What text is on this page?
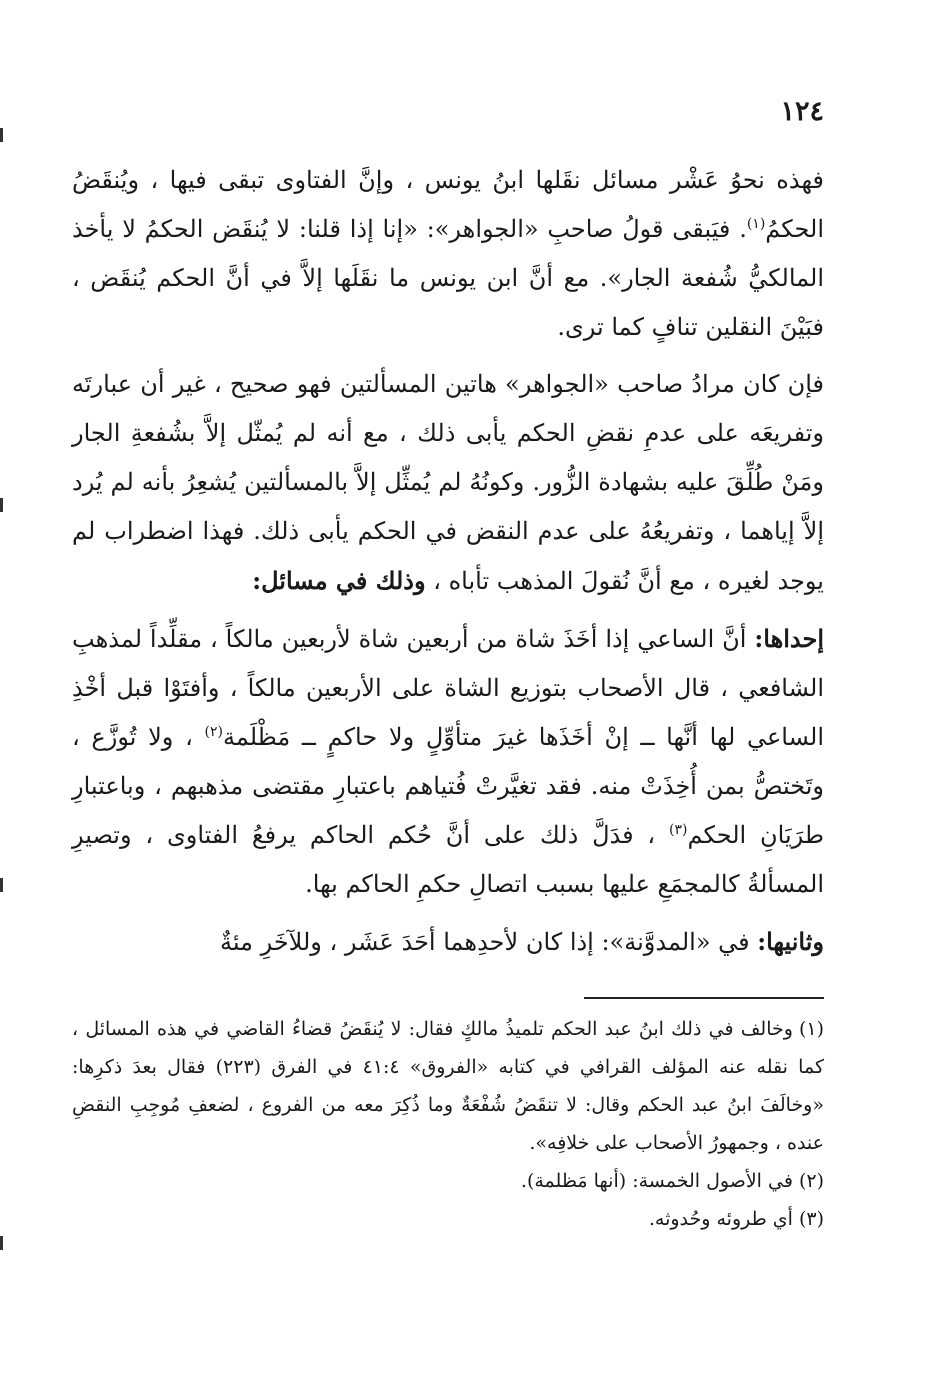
١٢٤

فهذه نحوُ عَشْر مسائل نقَلها ابنُ يونس ، وإنَّ الفتاوى تبقى فيها ، ويُنقَضُ الحكمُ$^{(١)}$. فيَبقى قولُ صاحبِ «الجواهر»: «إنا إذا قلنا: لا يُنقَض الحكمُ لا يأخذ المالكيُّ شُفعة الجار». مع أنَّ ابن يونس ما نقَلَها إلاَّ في أنَّ الحكم يُنقَض ، فبَيْنَ النقلين تنافٍ كما ترى.

فإن كان مرادُ صاحب «الجواهر» هاتين المسألتين فهو صحيح ، غير أن عبارتَه وتفريعَه على عدمِ نقضِ الحكم يأبى ذلك ، مع أنه لم يُمثّل إلاَّ بشُفعةِ الجار ومَنْ طُلِّقَ عليه بشهادة الزُّور. وكونُهُ لم يُمثِّل إلاَّ بالمسألتين يُشعِرُ بأنه لم يُرد إلاَّ إياهما ، وتفريعُهُ على عدم النقض في الحكم يأبى ذلك. فهذا اضطراب لم يوجد لغيره ، مع أنَّ نُقولَ المذهب تأباه ، وذلك في مسائل:

إحداها: أنَّ الساعي إذا أخَذَ شاة من أربعين شاة لأربعين مالكاً ، مقلِّداً لمذهبِ الشافعي ، قال الأصحاب بتوزيع الشاة على الأربعين مالكاً ، وأفتَوْا قبل أخْذِ الساعي لها أنَّها ــ إنْ أخَذَها غيرَ متأوِّلٍ ولا حاكمٍ ــ مَظْلَمة$^{(٢)}$ ، ولا تُوزَّع ، وتَختصُّ بمن أُخِذَتْ منه. فقد تغيَّرتْ فُتياهم باعتبارِ مقتضى مذهبهم ، وباعتبارِ طرَيَانِ الحكم$^{(٣)}$ ، فدَلَّ ذلك على أنَّ حُكم الحاكم يرفعُ الفتاوى ، وتصيرِ المسألةُ كالمجمَعِ عليها بسبب اتصالِ حكمِ الحاكم بها.

وثانيها: في «المدوَّنة»: إذا كان لأحدِهما أحَدَ عَشَر ، وللآخَرِ مئةٌ

(١)وخالف في ذلك ابنُ عبد الحكم تلميذُ مالكٍ فقال: لا يُنقَضُ قضاءُ القاضي في هذه المسائل ، كما نقله عنه المؤلف القرافي في كتابه «الفروق» ٤١:٤ في الفرق (٢٢٣) فقال بعدَ ذكرِها: «وخالَفَ ابنُ عبد الحكم وقال: لا تنقَضُ شُفْعَةٌ وما ذُكِرَ معه من الفروع ، لضعفِ مُوجِبِ النقضِ عنده ، وجمهورُ الأصحاب على خلافِه».

(٢)في الأصول الخمسة: (أنها مَظلمة).

(٣)أي طروئه وحُدوثه.
